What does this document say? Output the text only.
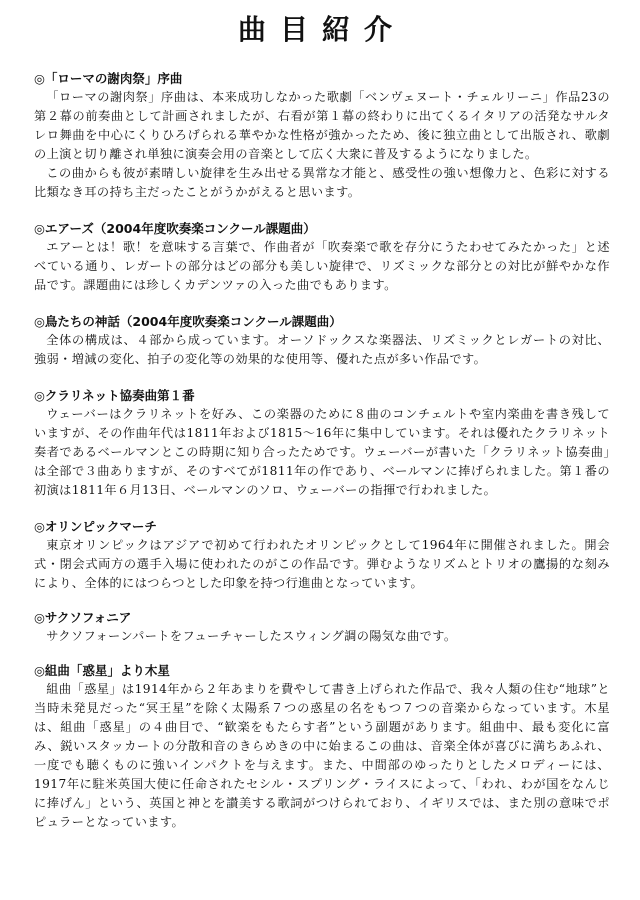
曲目紹介
◎「ローマの謝肉祭」序曲

「ローマの謝肉祭」序曲は、本来成功しなかった歌劇「ベンヴェヌート・チェルリーニ」作品23の第２幕の前奏曲として計画されましたが、右看が第１幕の終わりに出てくるイタリアの活発なサルタレロ舞曲を中心にくりひろげられる華やかな性格が強かったため、後に独立曲として出版され、歌劇の上演と切り離され単独に演奏会用の音楽として広く大衆に普及するようになりました。

この曲からも彼が素晴しい旋律を生み出せる異常な才能と、感受性の強い想像力と、色彩に対する比類なき耳の持ち主だったことがうかがえると思います。

◎エアーズ（2004年度吹奏楽コンクール課題曲）

エアーとは！歌！を意味する言葉で、作曲者が「吹奏楽で歌を存分にうたわせてみたかった」と述べている通り、レガートの部分はどの部分も美しい旋律で、リズミックな部分との対比が鮮やかな作品です。課題曲には珍しくカデンツァの入った曲でもあります。

◎鳥たちの神話（2004年度吹奏楽コンクール課題曲）

全体の構成は、４部から成っています。オーソドックスな楽器法、リズミックとレガートの対比、強弱・増減の変化、拍子の変化等の効果的な使用等、優れた点が多い作品です。

◎クラリネット協奏曲第１番

ウェーバーはクラリネットを好み、この楽器のために８曲のコンチェルトや室内楽曲を書き残していますが、その作曲年代は1811年および1815〜16年に集中しています。それは優れたクラリネット奏者であるベールマンとこの時期に知り合ったためです。ウェーバーが書いた「クラリネット協奏曲」は全部で３曲ありますが、そのすべてが1811年の作であり、ベールマンに捧げられました。第１番の初演は1811年６月13日、ベールマンのソロ、ウェーバーの指揮で行われました。

◎オリンピックマーチ

東京オリンピックはアジアで初めて行われたオリンピックとして1964年に開催されました。開会式・閉会式両方の選手入場に使われたのがこの作品です。弾むようなリズムとトリオの鷹揚的な刻みにより、全体的にはつらつとした印象を持つ行進曲となっています。

◎サクソフォニア

サクソフォーンパートをフューチャーしたスウィング調の陽気な曲です。

◎組曲「惑星」より木星

組曲「惑星」は1914年から２年あまりを費やして書き上げられた作品で、我々人類の住む“地球”と当時未発見だった“冥王星”を除く太陽系７つの惑星の名をもつ７つの音楽からなっています。木星は、組曲「惑星」の４曲目で、“歓楽をもたらす者”という副題があります。組曲中、最も変化に富み、鋭いスタッカートの分散和音のきらめきの中に始まるこの曲は、音楽全体が喜びに満ちあふれ、一度でも聴くものに強いインパクトを与えます。また、中間部のゆったりとしたメロディーには、1917年に駐米英国大使に任命されたセシル・スプリング・ライスによって、「われ、わが国をなんじに捧げん」という、英国と神とを讃美する歌詞がつけられており、イギリスでは、また別の意味でポピュラーとなっています。
